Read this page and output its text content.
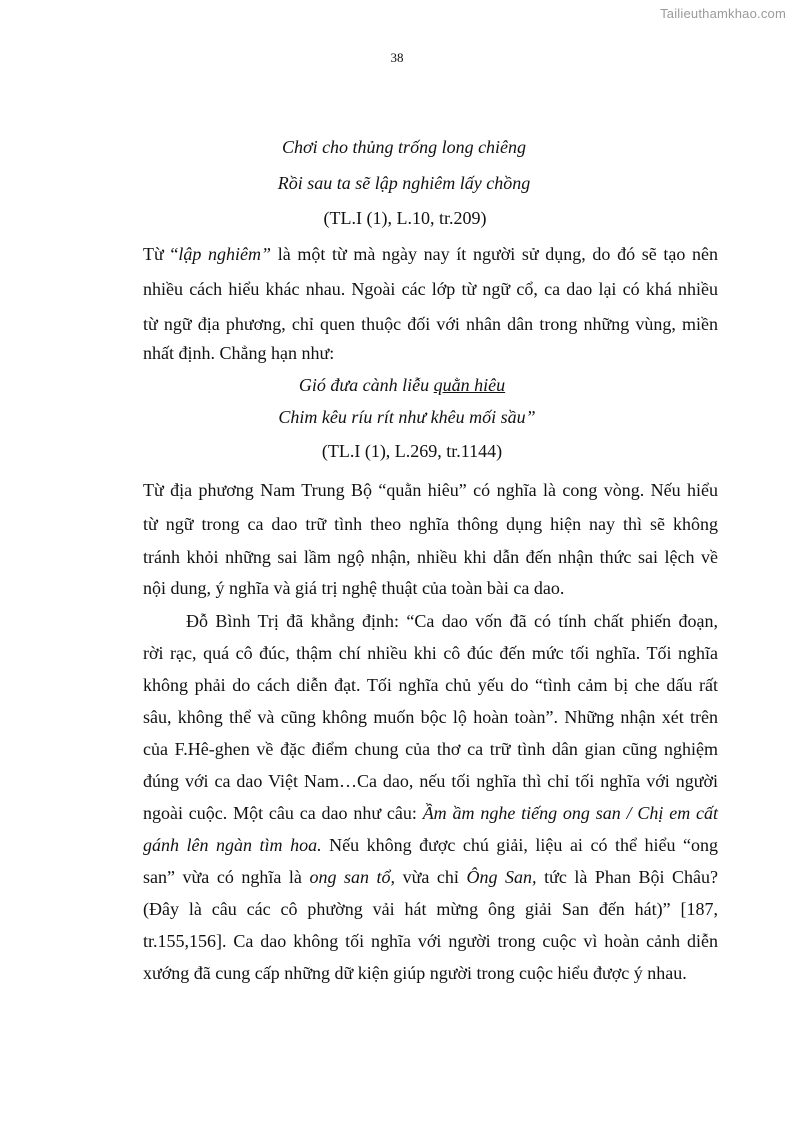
Tailieuthamkhao.com
38
Chơi cho thủng trống long chiêng
Rồi sau ta sẽ lập nghiêm lấy chồng
(TL.I (1), L.10, tr.209)
Từ “lập nghiêm” là một từ mà ngày nay ít người sử dụng, do đó sẽ tạo nên
nhiều cách hiểu khác nhau. Ngoài các lớp từ ngữ cổ, ca dao lại có khá nhiều
từ ngữ địa phương, chỉ quen thuộc đối với nhân dân trong những vùng, miền
nhất định. Chẳng hạn như:
Gió đưa cành liễu quằn hiêu
Chim kêu ríu rít như khêu mối sầu”
(TL.I (1), L.269, tr.1144)
Từ địa phương Nam Trung Bộ “quằn hiêu” có nghĩa là cong vòng. Nếu hiểu
từ ngữ trong ca dao trữ tình theo nghĩa thông dụng hiện nay thì sẽ không
tránh khỏi những sai lầm ngộ nhận, nhiều khi dẫn đến nhận thức sai lệch về
nội dung, ý nghĩa và giá trị nghệ thuật của toàn bài ca dao.
Đỗ Bình Trị đã khẳng định: “Ca dao vốn đã có tính chất phiến đoạn,
rời rạc, quá cô đúc, thậm chí nhiều khi cô đúc đến mức tối nghĩa. Tối nghĩa
không phải do cách diễn đạt. Tối nghĩa chủ yếu do “tình cảm bị che dấu rất
sâu, không thể và cũng không muốn bộc lộ hoàn toàn”. Những nhận xét trên
của F.Hê-ghen về đặc điểm chung của thơ ca trữ tình dân gian cũng nghiệm
đúng với ca dao Việt Nam…Ca dao, nếu tối nghĩa thì chỉ tối nghĩa với người
ngoài cuộc. Một câu ca dao như câu: Ầm ầm nghe tiếng ong san / Chị em cất
gánh lên ngàn tìm hoa. Nếu không được chú giải, liệu ai có thể hiểu “ong
san” vừa có nghĩa là ong san tổ, vừa chỉ Ông San, tức là Phan Bội Châu?
(Đây là câu các cô phường vải hát mừng ông giải San đến hát)” [187,
tr.155,156]. Ca dao không tối nghĩa với người trong cuộc vì hoàn cảnh diễn
xướng đã cung cấp những dữ kiện giúp người trong cuộc hiểu được ý nhau.
